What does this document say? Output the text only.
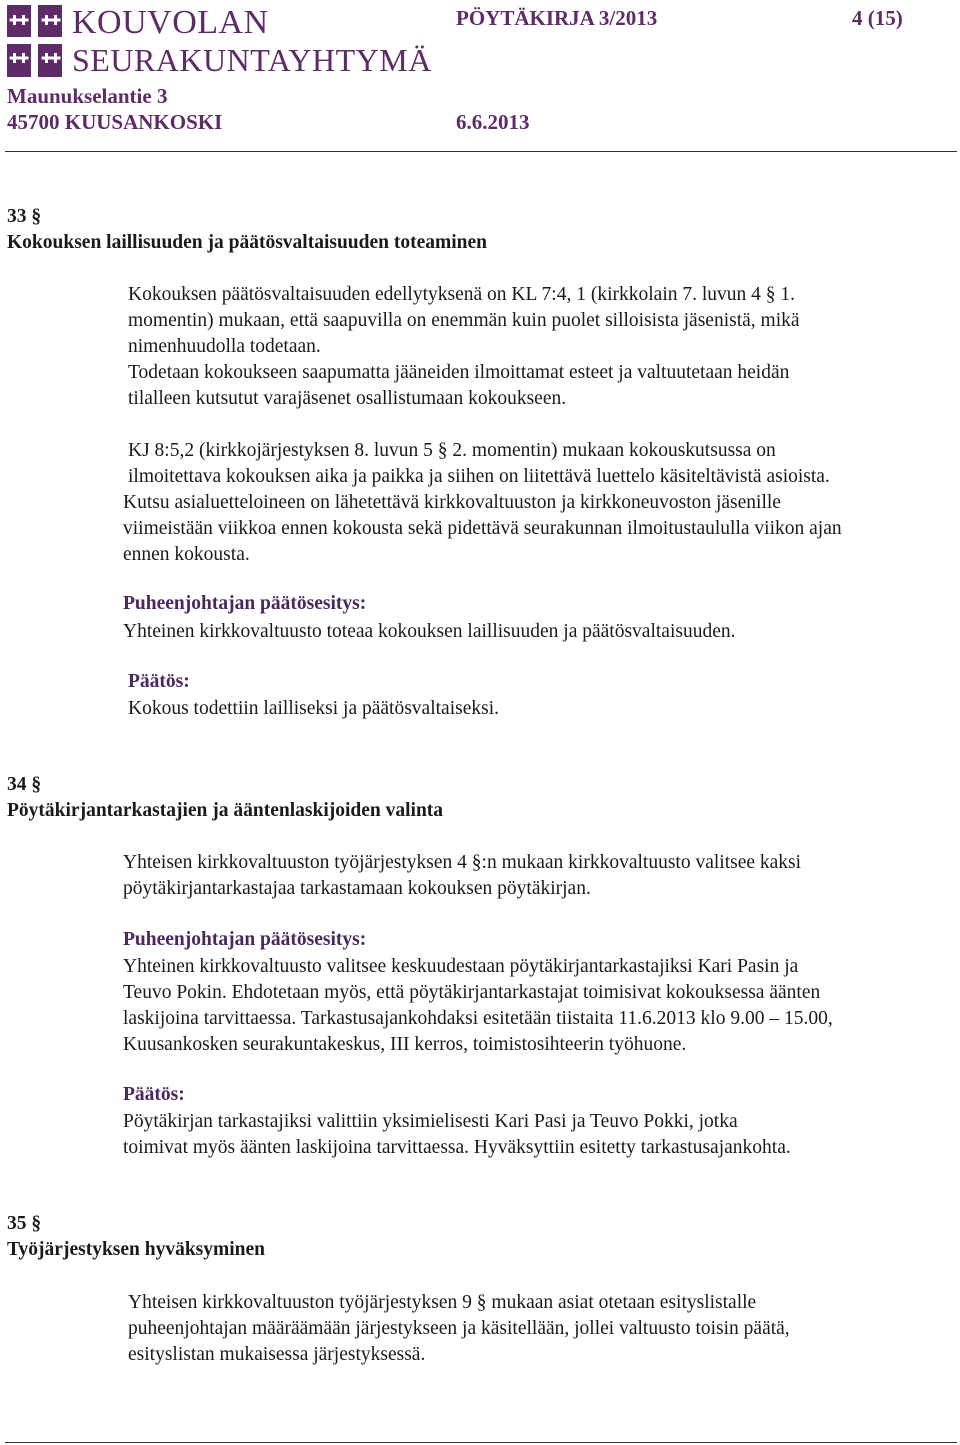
KOUVOLAN
SEURAKUNTAYHTYMÄ
PÖYTÄKIRJA 3/2013	4 (15)
Maunukselantie 3
45700 KUUSANKOSKI	6.6.2013
33 §
Kokouksen laillisuuden ja päätösvaltaisuuden toteaminen
Kokouksen päätösvaltaisuuden edellytyksenä on KL 7:4, 1 (kirkkolain 7. luvun 4 § 1.
momentin) mukaan, että saapuvilla on enemmän kuin puolet silloisista jäsenistä, mikä
nimenhuudolla todetaan.
Todetaan kokoukseen saapumatta jääneiden ilmoittamat esteet ja valtuutetaan heidän
tilalleen kutsutut varajäsenet osallistumaan kokoukseen.
KJ 8:5,2 (kirkkojärjestyksen 8. luvun 5 § 2. momentin) mukaan kokouskutsussa on
ilmoitettava kokouksen aika ja paikka ja siihen on liitettävä luettelo käsiteltävistä asioista.
Kutsu asialuetteloineen on lähetettävä kirkkovaltuuston ja kirkkoneuvoston jäsenille
viimeistään viikkoa ennen kokousta sekä pidettävä seurakunnan ilmoitustaululla viikon ajan
ennen kokousta.
Puheenjohtajan päätösesitys:
Yhteinen kirkkovaltuusto toteaa kokouksen laillisuuden ja päätösvaltaisuuden.
Päätös:
Kokous todettiin lailliseksi ja päätösvaltaiseksi.
34 §
Pöytäkirjantarkastajien ja ääntenlaskijoiden valinta
Yhteisen kirkkovaltuuston työjärjestyksen 4 §:n mukaan kirkkovaltuusto valitsee kaksi
pöytäkirjantarkastajaa tarkastamaan kokouksen pöytäkirjan.
Puheenjohtajan päätösesitys:
Yhteinen kirkkovaltuusto valitsee keskuudestaan pöytäkirjantarkastajiksi Kari Pasin ja
Teuvo Pokin. Ehdotetaan myös, että pöytäkirjantarkastajat toimisivat kokouksessa äänten
laskijoina tarvittaessa. Tarkastusajankohdaksi esitetään tiistaita 11.6.2013 klo 9.00 – 15.00,
Kuusankosken seurakuntakeskus, III kerros, toimistosihteerin työhuone.
Päätös:
Pöytäkirjan tarkastajiksi valittiin yksimielisesti Kari Pasi ja Teuvo Pokki, jotka
toimivat myös äänten laskijoina tarvittaessa. Hyväksyttiin esitetty tarkastusajankohta.
35 §
Työjärjestyksen hyväksyminen
Yhteisen kirkkovaltuuston työjärjestyksen 9 § mukaan asiat otetaan esityslistalle
puheenjohtajan määräämään järjestykseen ja käsitellään, jollei valtuusto toisin päätä,
esityslistan mukaisessa järjestyksessä.
